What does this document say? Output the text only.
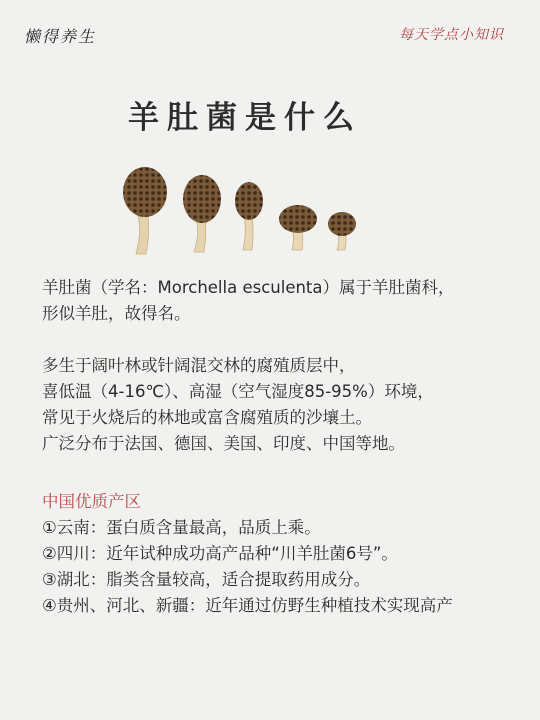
懒得养生	每天学点小知识
羊肚菌是什么
羊肚菌（学名：Morchella esculenta）属于羊肚菌科，
形似羊肚，故得名。
多生于阔叶林或针阔混交林的腐殖质层中，
喜低温（4-16℃）、高湿（空气湿度85-95%）环境，
常见于火烧后的林地或富含腐殖质的沙壤土。
广泛分布于法国、德国、美国、印度、中国等地。
中国优质产区
①云南：蛋白质含量最高，品质上乘。
②四川：近年试种成功高产品种“川羊肚菌6号”。
③湖北：脂类含量较高，适合提取药用成分。
④贵州、河北、新疆：近年通过仿野生种植技术实现高产
